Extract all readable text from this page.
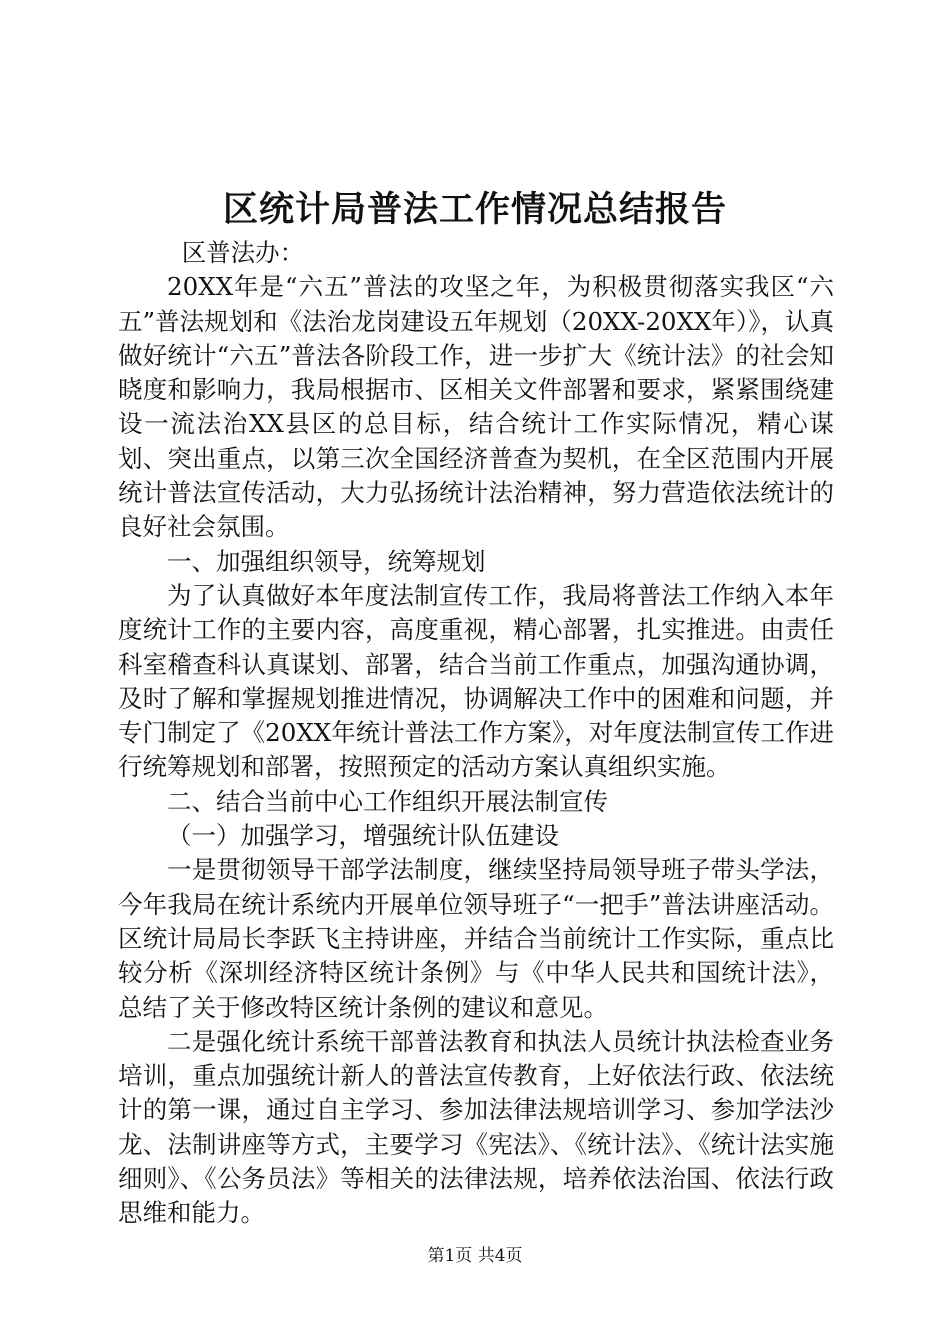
区统计局普法工作情况总结报告

区普法办：

20XX年是“六五”普法的攻坚之年，为积极贯彻落实我区“六五”普法规划和《法治龙岗建设五年规划（20XX-20XX年）》，认真做好统计“六五”普法各阶段工作，进一步扩大《统计法》的社会知晓度和影响力，我局根据市、区相关文件部署和要求，紧紧围绕建设一流法治XX县区的总目标，结合统计工作实际情况，精心谋划、突出重点，以第三次全国经济普查为契机，在全区范围内开展统计普法宣传活动，大力弘扬统计法治精神，努力营造依法统计的良好社会氛围。

一、加强组织领导，统筹规划

为了认真做好本年度法制宣传工作，我局将普法工作纳入本年度统计工作的主要内容，高度重视，精心部署，扎实推进。由责任科室稽查科认真谋划、部署，结合当前工作重点，加强沟通协调，及时了解和掌握规划推进情况，协调解决工作中的困难和问题，并专门制定了《20XX年统计普法工作方案》，对年度法制宣传工作进行统筹规划和部署，按照预定的活动方案认真组织实施。

二、结合当前中心工作组织开展法制宣传

（一）加强学习，增强统计队伍建设

一是贯彻领导干部学法制度，继续坚持局领导班子带头学法，今年我局在统计系统内开展单位领导班子“一把手”普法讲座活动。区统计局局长李跃飞主持讲座，并结合当前统计工作实际，重点比较分析《深圳经济特区统计条例》与《中华人民共和国统计法》，总结了关于修改特区统计条例的建议和意见。

二是强化统计系统干部普法教育和执法人员统计执法检查业务培训，重点加强统计新人的普法宣传教育，上好依法行政、依法统计的第一课，通过自主学习、参加法律法规培训学习、参加学法沙龙、法制讲座等方式，主要学习《宪法》、《统计法》、《统计法实施细则》、《公务员法》等相关的法律法规，培养依法治国、依法行政思维和能力。

第1页 共4页
